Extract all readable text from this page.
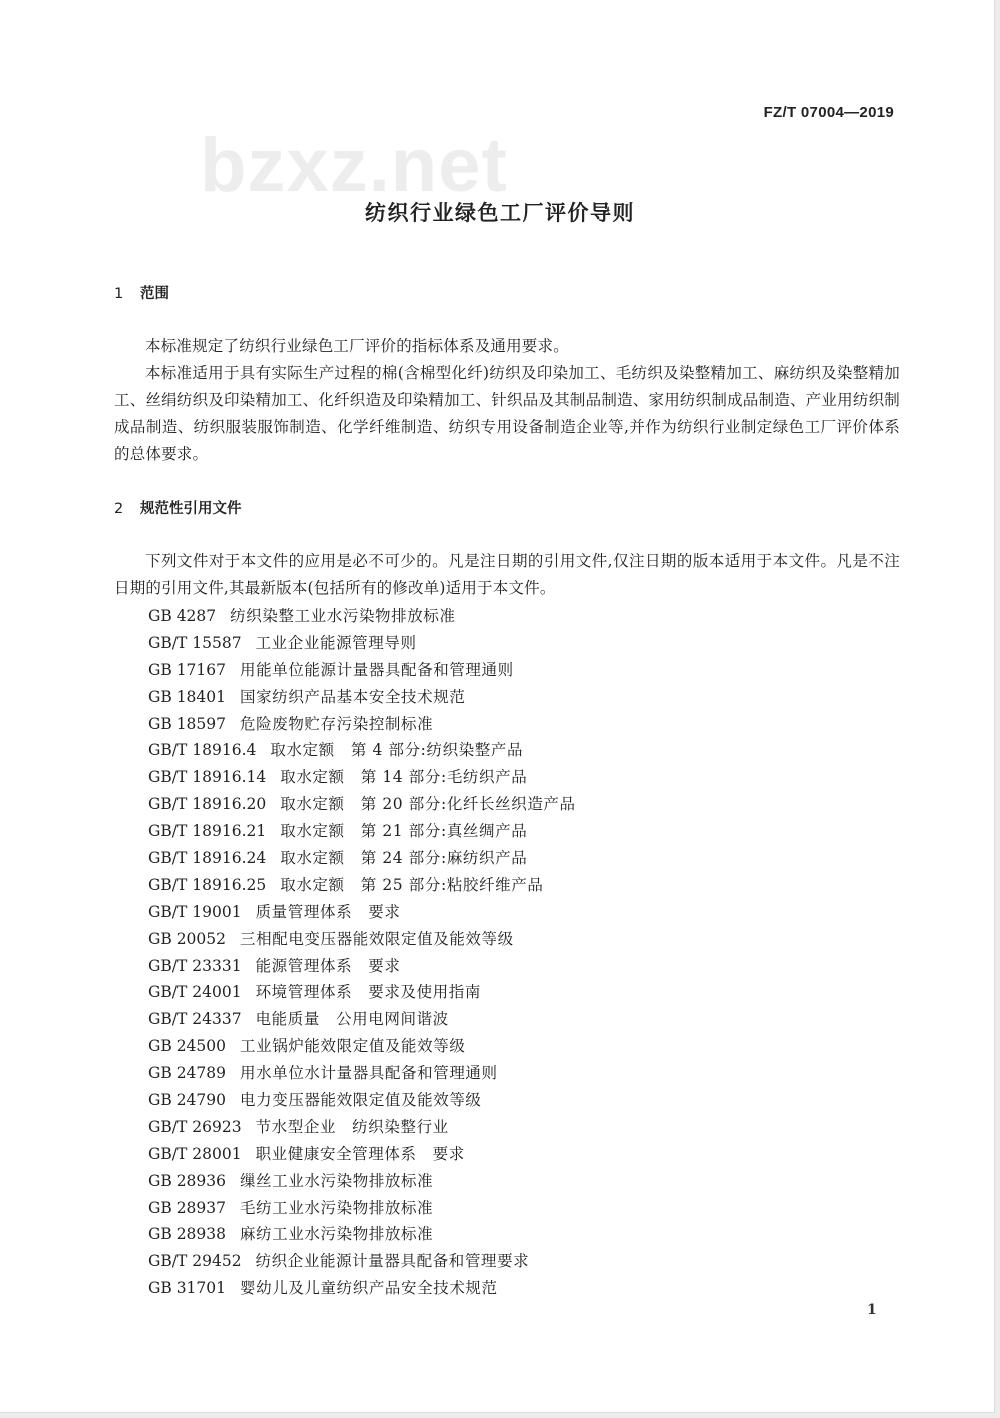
bzxz.net
FZ/T 07004—2019
纺织行业绿色工厂评价导则
1 范围
本标准规定了纺织行业绿色工厂评价的指标体系及通用要求。
本标准适用于具有实际生产过程的棉(含棉型化纤)纺织及印染加工、毛纺织及染整精加工、麻纺织及染整精加工、丝绢纺织及印染精加工、化纤织造及印染精加工、针织品及其制品制造、家用纺织制成品制造、产业用纺织制成品制造、纺织服装服饰制造、化学纤维制造、纺织专用设备制造企业等,并作为纺织行业制定绿色工厂评价体系的总体要求。
2 规范性引用文件
下列文件对于本文件的应用是必不可少的。凡是注日期的引用文件,仅注日期的版本适用于本文件。凡是不注日期的引用文件,其最新版本(包括所有的修改单)适用于本文件。
GB 4287 纺织染整工业水污染物排放标准
GB/T 15587 工业企业能源管理导则
GB 17167 用能单位能源计量器具配备和管理通则
GB 18401 国家纺织产品基本安全技术规范
GB 18597 危险废物贮存污染控制标准
GB/T 18916.4 取水定额　第 4 部分:纺织染整产品
GB/T 18916.14 取水定额　第 14 部分:毛纺织产品
GB/T 18916.20 取水定额　第 20 部分:化纤长丝织造产品
GB/T 18916.21 取水定额　第 21 部分:真丝绸产品
GB/T 18916.24 取水定额　第 24 部分:麻纺织产品
GB/T 18916.25 取水定额　第 25 部分:粘胶纤维产品
GB/T 19001 质量管理体系　要求
GB 20052 三相配电变压器能效限定值及能效等级
GB/T 23331 能源管理体系　要求
GB/T 24001 环境管理体系　要求及使用指南
GB/T 24337 电能质量　公用电网间谐波
GB 24500 工业锅炉能效限定值及能效等级
GB 24789 用水单位水计量器具配备和管理通则
GB 24790 电力变压器能效限定值及能效等级
GB/T 26923 节水型企业　纺织染整行业
GB/T 28001 职业健康安全管理体系　要求
GB 28936 缫丝工业水污染物排放标准
GB 28937 毛纺工业水污染物排放标准
GB 28938 麻纺工业水污染物排放标准
GB/T 29452 纺织企业能源计量器具配备和管理要求
GB 31701 婴幼儿及儿童纺织产品安全技术规范
1
